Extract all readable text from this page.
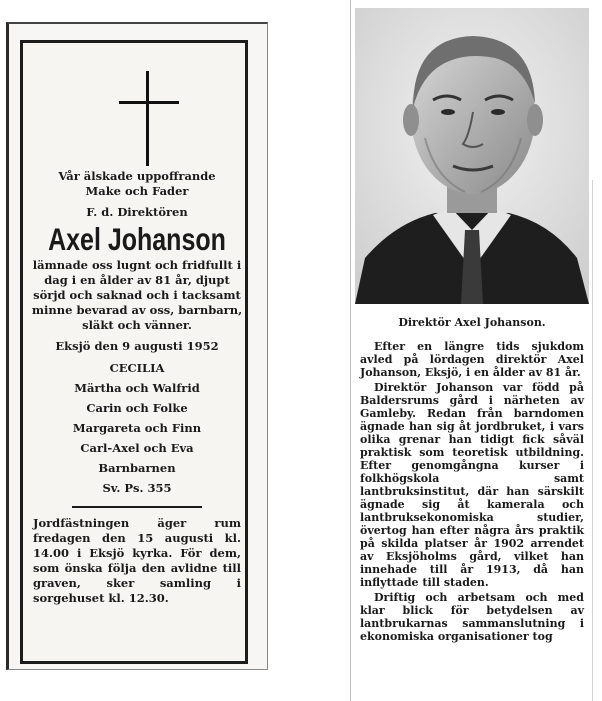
Vår älskade uppoffrande
Make och Fader
F. d. Direktören
Axel Johanson
lämnade oss lugnt och fridfullt i dag i en ålder av 81 år, djupt sörjd och saknad och i tacksamt minne bevarad av oss, barnbarn, släkt och vänner.
Eksjö den 9 augusti 1952
CECILIA
Märtha och Walfrid
Carin och Folke
Margareta och Finn
Carl-Axel och Eva
Barnbarnen
Sv. Ps. 355

Jordfästningen äger rum fredagen den 15 augusti kl. 14.00 i Eksjö kyrka. För dem, som önska följa den avlidne till graven, sker samling i sorgehuset kl. 12.30.

Direktör Axel Johanson.

Efter en längre tids sjukdom avled på lördagen direktör Axel Johanson, Eksjö, i en ålder av 81 år.

Direktör Johanson var född på Baldersrums gård i närheten av Gamleby. Redan från barndomen ägnade han sig åt jordbruket, i vars olika grenar han tidigt fick såväl praktisk som teoretisk utbildning. Efter genomgångna kurser i folkhögskola samt lantbruksinstitut, där han särskilt ägnade sig åt kamerala och lantbruksekonomiska studier, övertog han efter några års praktik på skilda platser år 1902 arrendet av Eksjöholms gård, vilket han innehade till år 1913, då han inflyttade till staden.

Driftig och arbetsam och med klar blick för betydelsen av lantbrukarnas sammanslutning i ekonomiska organisationer tog
